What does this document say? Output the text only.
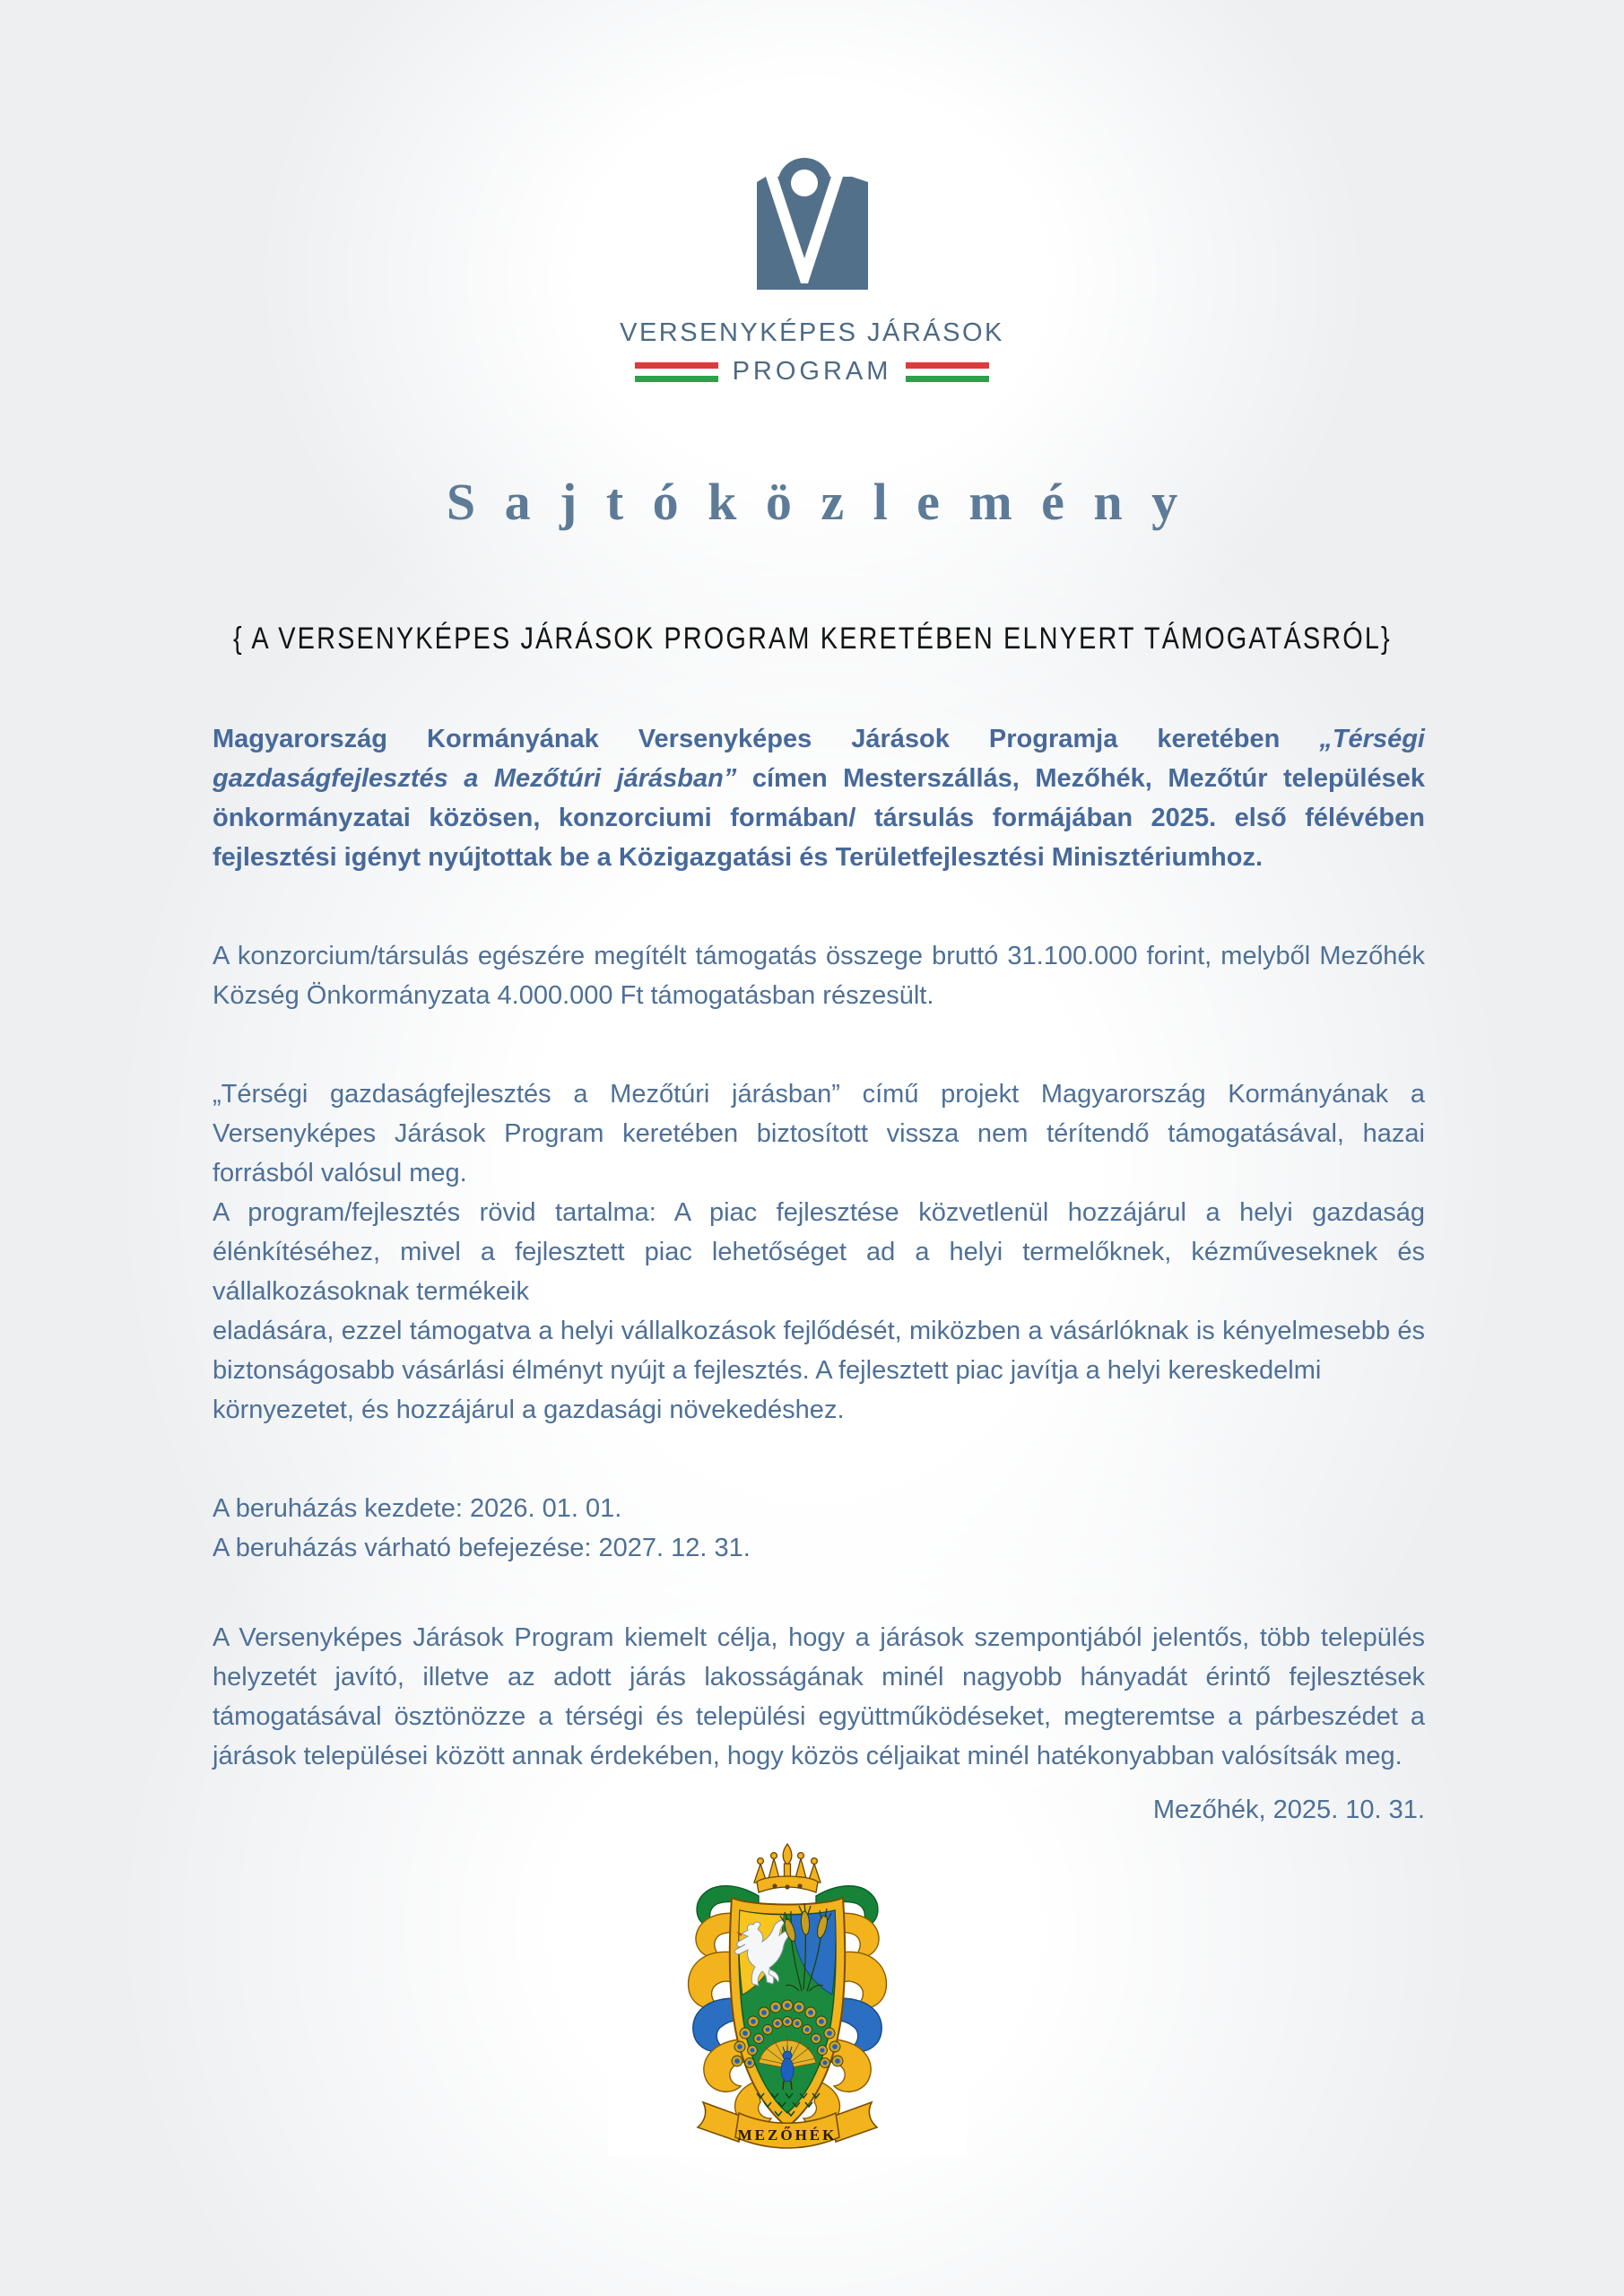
VERSENYKÉPES JÁRÁSOK
PROGRAM
Sajtóközlemény
{ A VERSENYKÉPES JÁRÁSOK PROGRAM KERETÉBEN ELNYERT TÁMOGATÁSRÓL}

Magyarország Kormányának Versenyképes Járások Programja keretében „Térségi gazdaságfejlesztés a Mezőtúri járásban” címen Mesterszállás, Mezőhék, Mezőtúr települések önkormányzatai közösen, konzorciumi formában/ társulás formájában 2025. első félévében fejlesztési igényt nyújtottak be a Közigazgatási és Területfejlesztési Minisztériumhoz.

A konzorcium/társulás egészére megítélt támogatás összege bruttó 31.100.000 forint, melyből Mezőhék Község Önkormányzata 4.000.000 Ft támogatásban részesült.

„Térségi gazdaságfejlesztés a Mezőtúri járásban” című projekt Magyarország Kormányának a Versenyképes Járások Program keretében biztosított vissza nem térítendő támogatásával, hazai forrásból valósul meg.

A program/fejlesztés rövid tartalma: A piac fejlesztése közvetlenül hozzájárul a helyi gazdaság élénkítéséhez, mivel a fejlesztett piac lehetőséget ad a helyi termelőknek, kézműveseknek és vállalkozásoknak termékeik

eladására, ezzel támogatva a helyi vállalkozások fejlődését, miközben a vásárlóknak is kényelmesebb és biztonságosabb vásárlási élményt nyújt a fejlesztés. A fejlesztett piac javítja a helyi kereskedelmi

környezetet, és hozzájárul a gazdasági növekedéshez.

A beruházás kezdete: 2026. 01. 01.

A beruházás várható befejezése: 2027. 12. 31.

A Versenyképes Járások Program kiemelt célja, hogy a járások szempontjából jelentős, több település helyzetét javító, illetve az adott járás lakosságának minél nagyobb hányadát érintő fejlesztések támogatásával ösztönözze a térségi és települési együttműködéseket, megteremtse a párbeszédet a járások települései között annak érdekében, hogy közös céljaikat minél hatékonyabban valósítsák meg.

Mezőhék, 2025. 10. 31.

MEZŐHÉK
